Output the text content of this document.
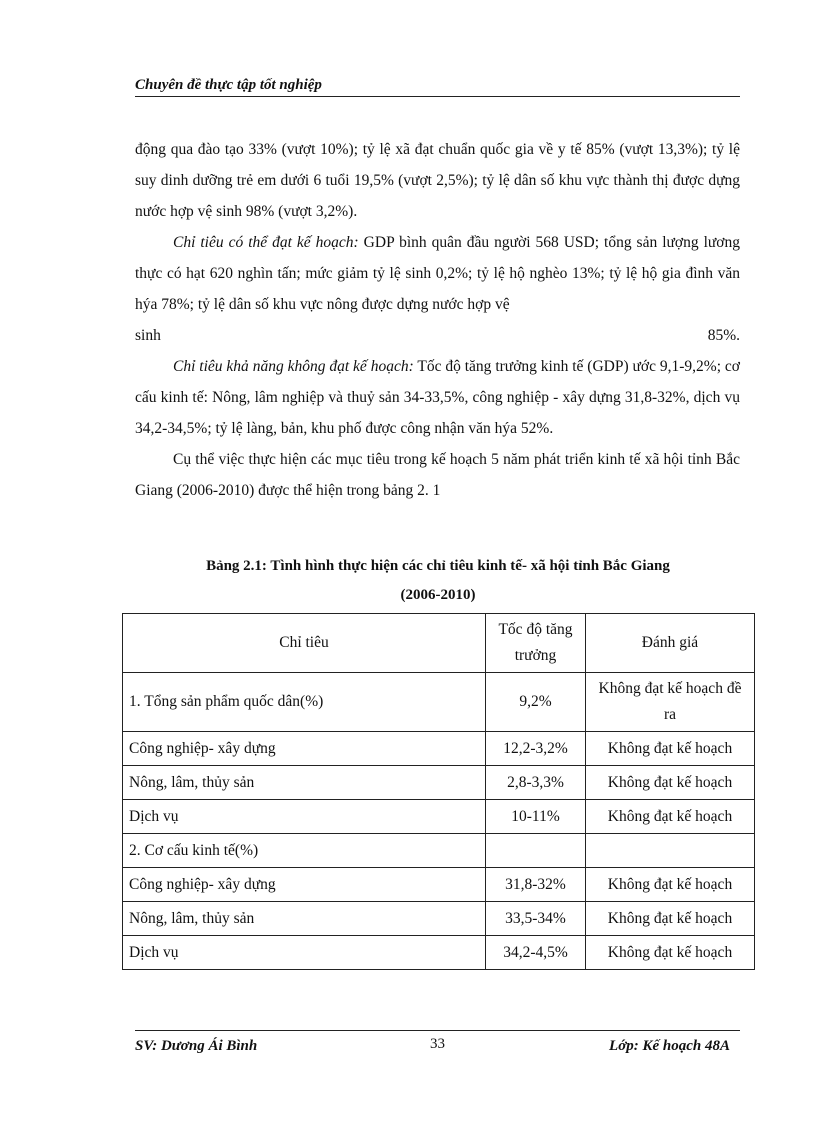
Chuyên đề thực tập tốt nghiệp

động qua đào tạo 33% (vượt 10%); tỷ lệ xã đạt chuẩn quốc gia về y tế 85% (vượt 13,3%); tỷ lệ suy dinh dưỡng trẻ em dưới 6 tuổi 19,5% (vượt 2,5%); tỷ lệ dân số khu vực thành thị được dựng nước hợp vệ sinh 98% (vượt 3,2%).

Chỉ tiêu có thể đạt kế hoạch: GDP bình quân đầu người 568 USD; tổng sản lượng lương thực có hạt 620 nghìn tấn; mức giảm tỷ lệ sinh 0,2%; tỷ lệ hộ nghèo 13%; tỷ lệ hộ gia đình văn hýa 78%; tỷ lệ dân số khu vực nông được dựng nước hợp vệ

sinh	85%.

Chỉ tiêu khả năng không đạt kế hoạch: Tốc độ tăng trưởng kinh tế (GDP) ước 9,1-9,2%; cơ cấu kinh tế: Nông, lâm nghiệp và thuỷ sản 34-33,5%, công nghiệp - xây dựng 31,8-32%, dịch vụ 34,2-34,5%; tỷ lệ làng, bản, khu phố được công nhận văn hýa 52%.

Cụ thể việc thực hiện các mục tiêu trong kế hoạch 5 năm phát triển kinh tế xã hội tỉnh Bắc Giang (2006-2010) được thể hiện trong bảng 2. 1

Bảng 2.1: Tình hình thực hiện các chỉ tiêu kinh tế- xã hội tỉnh Bắc Giang
(2006-2010)
Chỉ tiêu	Tốc độ tăng trưởng	Đánh giá
1. Tổng sản phẩm quốc dân(%)	9,2%	Không đạt kế hoạch đề ra
Công nghiệp- xây dựng	12,2-3,2%	Không đạt kế hoạch
Nông, lâm, thủy sản	2,8-3,3%	Không đạt kế hoạch
Dịch vụ	10-11%	Không đạt kế hoạch
2. Cơ cấu kinh tế(%)		
Công nghiệp- xây dựng	31,8-32%	Không đạt kế hoạch
Nông, lâm, thủy sản	33,5-34%	Không đạt kế hoạch
Dịch vụ	34,2-4,5%	Không đạt kế hoạch
SV: Dương Ái Bình	33	Lớp: Kế hoạch 48A
